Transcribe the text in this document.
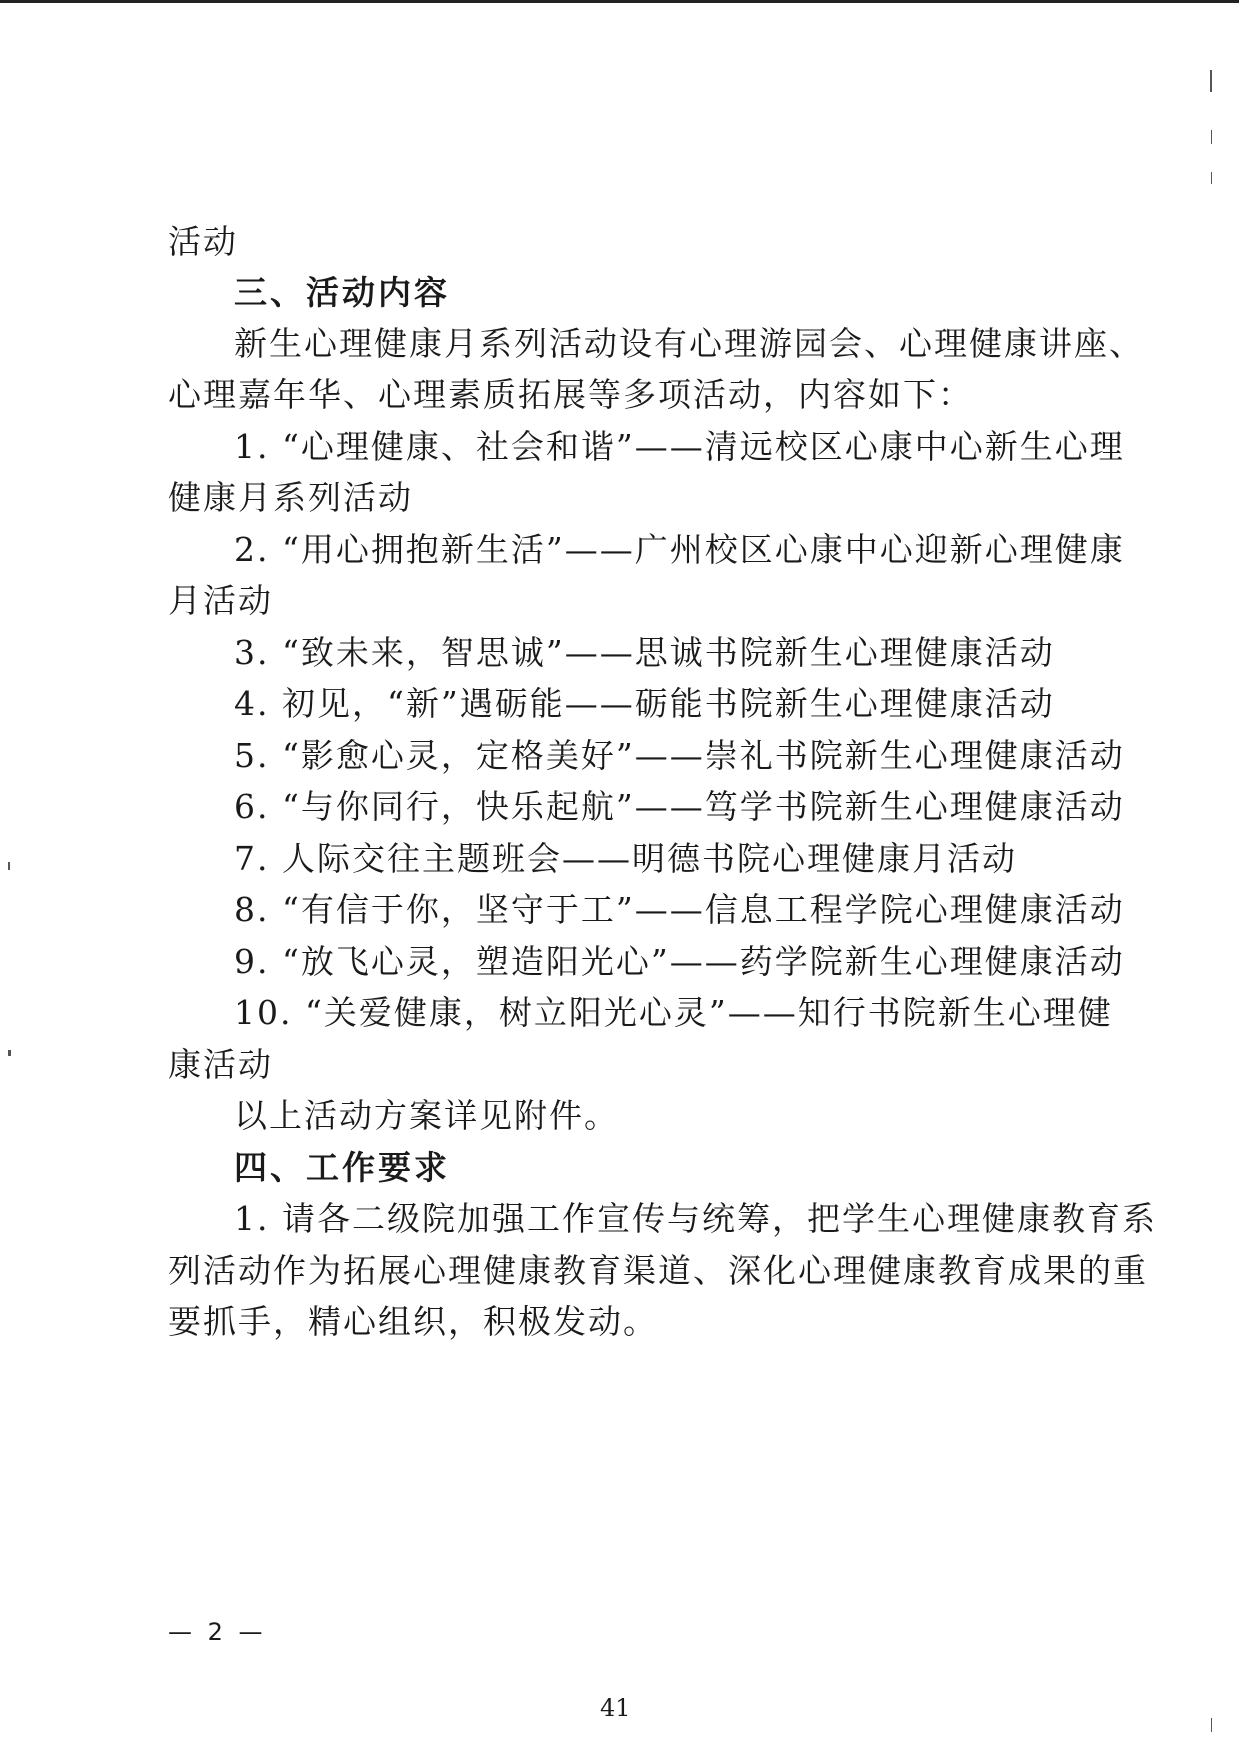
活动
三、活动内容
新生心理健康月系列活动设有心理游园会、心理健康讲座、
心理嘉年华、心理素质拓展等多项活动，内容如下：
1. “心理健康、社会和谐”——清远校区心康中心新生心理
健康月系列活动
2. “用心拥抱新生活”——广州校区心康中心迎新心理健康
月活动
3. “致未来，智思诚”——思诚书院新生心理健康活动
4. 初见，“新”遇砺能——砺能书院新生心理健康活动
5. “影愈心灵，定格美好”——崇礼书院新生心理健康活动
6. “与你同行，快乐起航”——笃学书院新生心理健康活动
7. 人际交往主题班会——明德书院心理健康月活动
8. “有信于你，坚守于工”——信息工程学院心理健康活动
9. “放飞心灵，塑造阳光心”——药学院新生心理健康活动
10. “关爱健康，树立阳光心灵”——知行书院新生心理健
康活动
以上活动方案详见附件。
四、工作要求
1. 请各二级院加强工作宣传与统筹，把学生心理健康教育系
列活动作为拓展心理健康教育渠道、深化心理健康教育成果的重
要抓手，精心组织，积极发动。
— 2 —
41
